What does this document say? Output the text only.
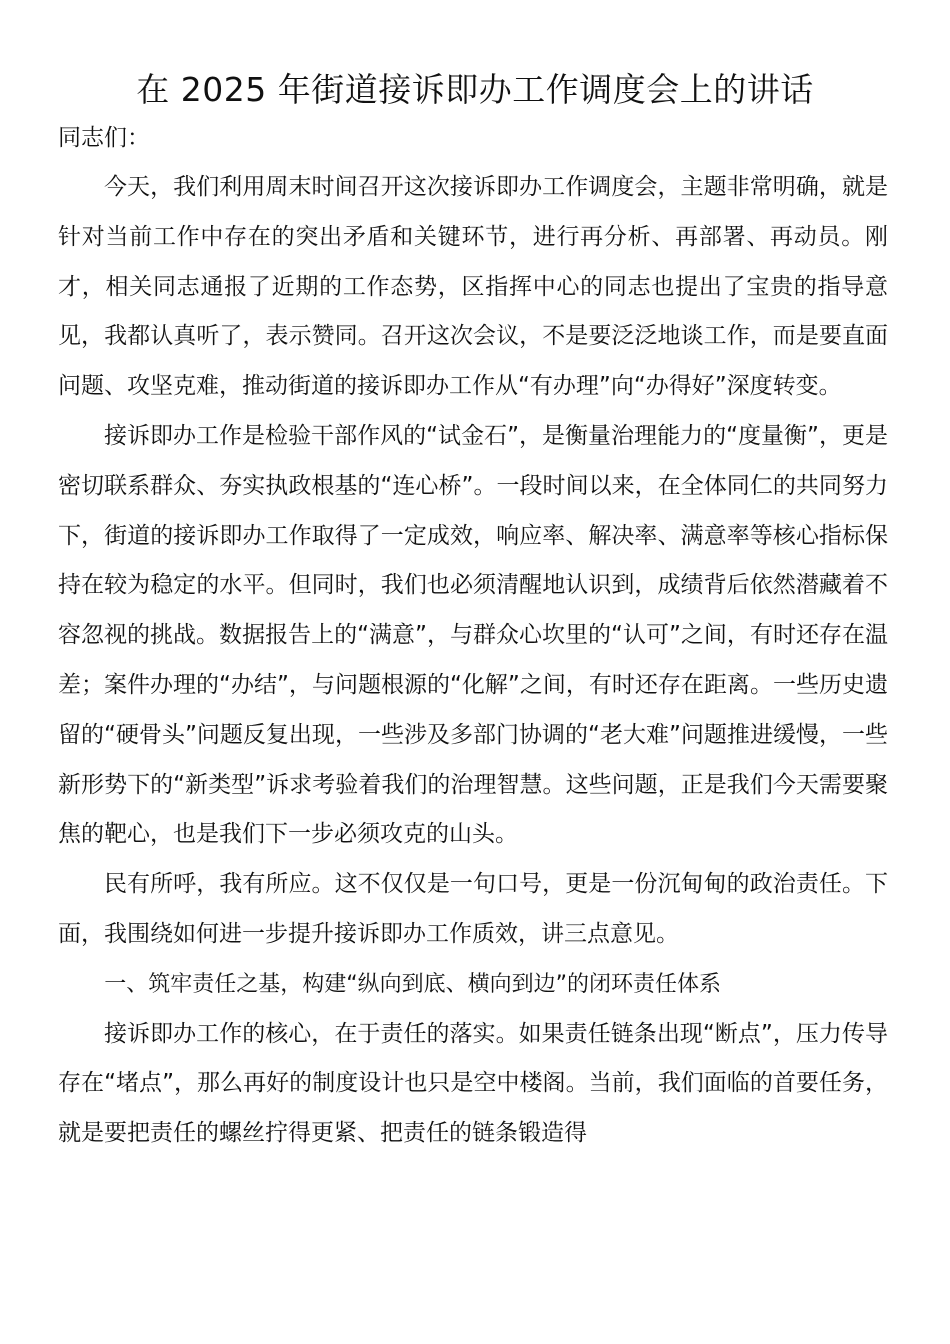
在 2025 年街道接诉即办工作调度会上的讲话

同志们：

今天，我们利用周末时间召开这次接诉即办工作调度会，主题非常明确，就是针对当前工作中存在的突出矛盾和关键环节，进行再分析、再部署、再动员。刚才，相关同志通报了近期的工作态势，区指挥中心的同志也提出了宝贵的指导意见，我都认真听了，表示赞同。召开这次会议，不是要泛泛地谈工作，而是要直面问题、攻坚克难，推动街道的接诉即办工作从“有办理”向“办得好”深度转变。

接诉即办工作是检验干部作风的“试金石”，是衡量治理能力的“度量衡”，更是密切联系群众、夯实执政根基的“连心桥”。一段时间以来，在全体同仁的共同努力下，街道的接诉即办工作取得了一定成效，响应率、解决率、满意率等核心指标保持在较为稳定的水平。但同时，我们也必须清醒地认识到，成绩背后依然潜藏着不容忽视的挑战。数据报告上的“满意”，与群众心坎里的“认可”之间，有时还存在温差；案件办理的“办结”，与问题根源的“化解”之间，有时还存在距离。一些历史遗留的“硬骨头”问题反复出现，一些涉及多部门协调的“老大难”问题推进缓慢，一些新形势下的“新类型”诉求考验着我们的治理智慧。这些问题，正是我们今天需要聚焦的靶心，也是我们下一步必须攻克的山头。

民有所呼，我有所应。这不仅仅是一句口号，更是一份沉甸甸的政治责任。下面，我围绕如何进一步提升接诉即办工作质效，讲三点意见。

一、筑牢责任之基，构建“纵向到底、横向到边”的闭环责任体系

接诉即办工作的核心，在于责任的落实。如果责任链条出现“断点”，压力传导存在“堵点”，那么再好的制度设计也只是空中楼阁。当前，我们面临的首要任务，就是要把责任的螺丝拧得更紧、把责任的链条锻造得
